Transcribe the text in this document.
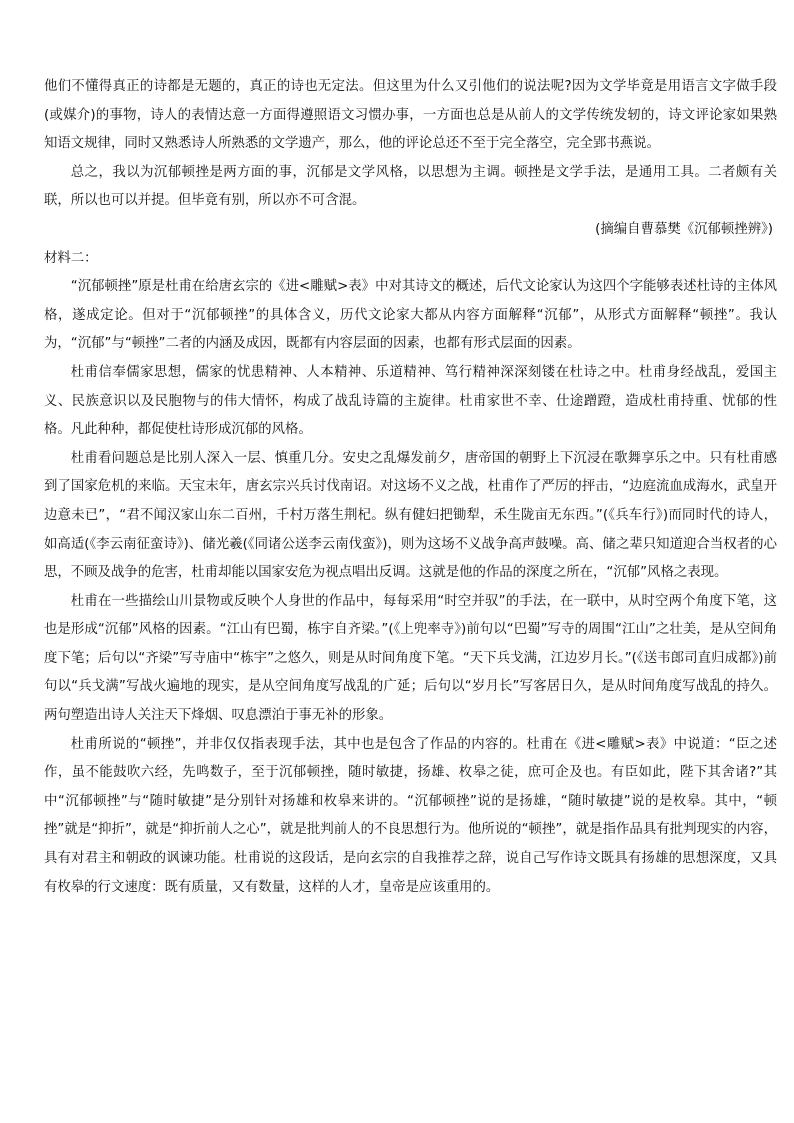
他们不懂得真正的诗都是无题的，真正的诗也无定法。但这里为什么又引他们的说法呢?因为文学毕竟是用语言文字做手段(或媒介)的事物，诗人的表情达意一方面得遵照语文习惯办事，一方面也总是从前人的文学传统发轫的，诗文评论家如果熟知语文规律，同时又熟悉诗人所熟悉的文学遗产，那么，他的评论总还不至于完全落空，完全郢书燕说。

总之，我以为沉郁顿挫是两方面的事，沉郁是文学风格，以思想为主调。顿挫是文学手法，是通用工具。二者颇有关联，所以也可以并提。但毕竟有别，所以亦不可含混。

(摘编自曹慕樊《沉郁顿挫辨》)

材料二：

“沉郁顿挫”原是杜甫在给唐玄宗的《进<雕赋>表》中对其诗文的概述，后代文论家认为这四个字能够表述杜诗的主体风格，遂成定论。但对于“沉郁顿挫”的具体含义，历代文论家大都从内容方面解释“沉郁”，从形式方面解释“顿挫”。我认为，“沉郁”与“顿挫”二者的内涵及成因，既都有内容层面的因素，也都有形式层面的因素。

杜甫信奉儒家思想，儒家的忧患精神、人本精神、乐道精神、笃行精神深深刻镂在杜诗之中。杜甫身经战乱，爱国主义、民族意识以及民胞物与的伟大情怀，构成了战乱诗篇的主旋律。杜甫家世不幸、仕途蹭蹬，造成杜甫持重、忧郁的性格。凡此种种，都促使杜诗形成沉郁的风格。

杜甫看问题总是比别人深入一层、慎重几分。安史之乱爆发前夕，唐帝国的朝野上下沉浸在歌舞享乐之中。只有杜甫感到了国家危机的来临。天宝末年，唐玄宗兴兵讨伐南诏。对这场不义之战，杜甫作了严厉的抨击，“边庭流血成海水，武皇开边意未已”，“君不闻汉家山东二百州，千村万落生荆杞。纵有健妇把锄犁，禾生陇亩无东西。”(《兵车行》)而同时代的诗人，如高适(《李云南征蛮诗》)、储光羲(《同诸公送李云南伐蛮》)，则为这场不义战争高声鼓噪。高、储之辈只知道迎合当权者的心思，不顾及战争的危害，杜甫却能以国家安危为视点唱出反调。这就是他的作品的深度之所在，“沉郁”风格之表现。

杜甫在一些描绘山川景物或反映个人身世的作品中，每每采用“时空并驭”的手法，在一联中，从时空两个角度下笔，这也是形成“沉郁”风格的因素。“江山有巴蜀，栋宇自齐梁。”(《上兜率寺》)前句以“巴蜀”写寺的周围“江山”之壮美，是从空间角度下笔；后句以“齐梁”写寺庙中“栋宇”之悠久，则是从时间角度下笔。“天下兵戈满，江边岁月长。”(《送韦郎司直归成都》)前句以“兵戈满”写战火遍地的现实，是从空间角度写战乱的广延；后句以“岁月长”写客居日久，是从时间角度写战乱的持久。两句塑造出诗人关注天下烽烟、叹息漂泊于事无补的形象。

杜甫所说的“顿挫”，并非仅仅指表现手法，其中也是包含了作品的内容的。杜甫在《进<雕赋>表》中说道：“臣之述作，虽不能鼓吹六经，先鸣数子，至于沉郁顿挫，随时敏捷，扬雄、枚皋之徒，庶可企及也。有臣如此，陛下其舍诸?”其中“沉郁顿挫”与“随时敏捷”是分别针对扬雄和枚皋来讲的。“沉郁顿挫”说的是扬雄，“随时敏捷”说的是枚皋。其中，“顿挫”就是“抑折”，就是“抑折前人之心”，就是批判前人的不良思想行为。他所说的“顿挫”，就是指作品具有批判现实的内容，具有对君主和朝政的讽谏功能。杜甫说的这段话，是向玄宗的自我推荐之辞，说自己写作诗文既具有扬雄的思想深度，又具有枚皋的行文速度：既有质量，又有数量，这样的人才，皇帝是应该重用的。
